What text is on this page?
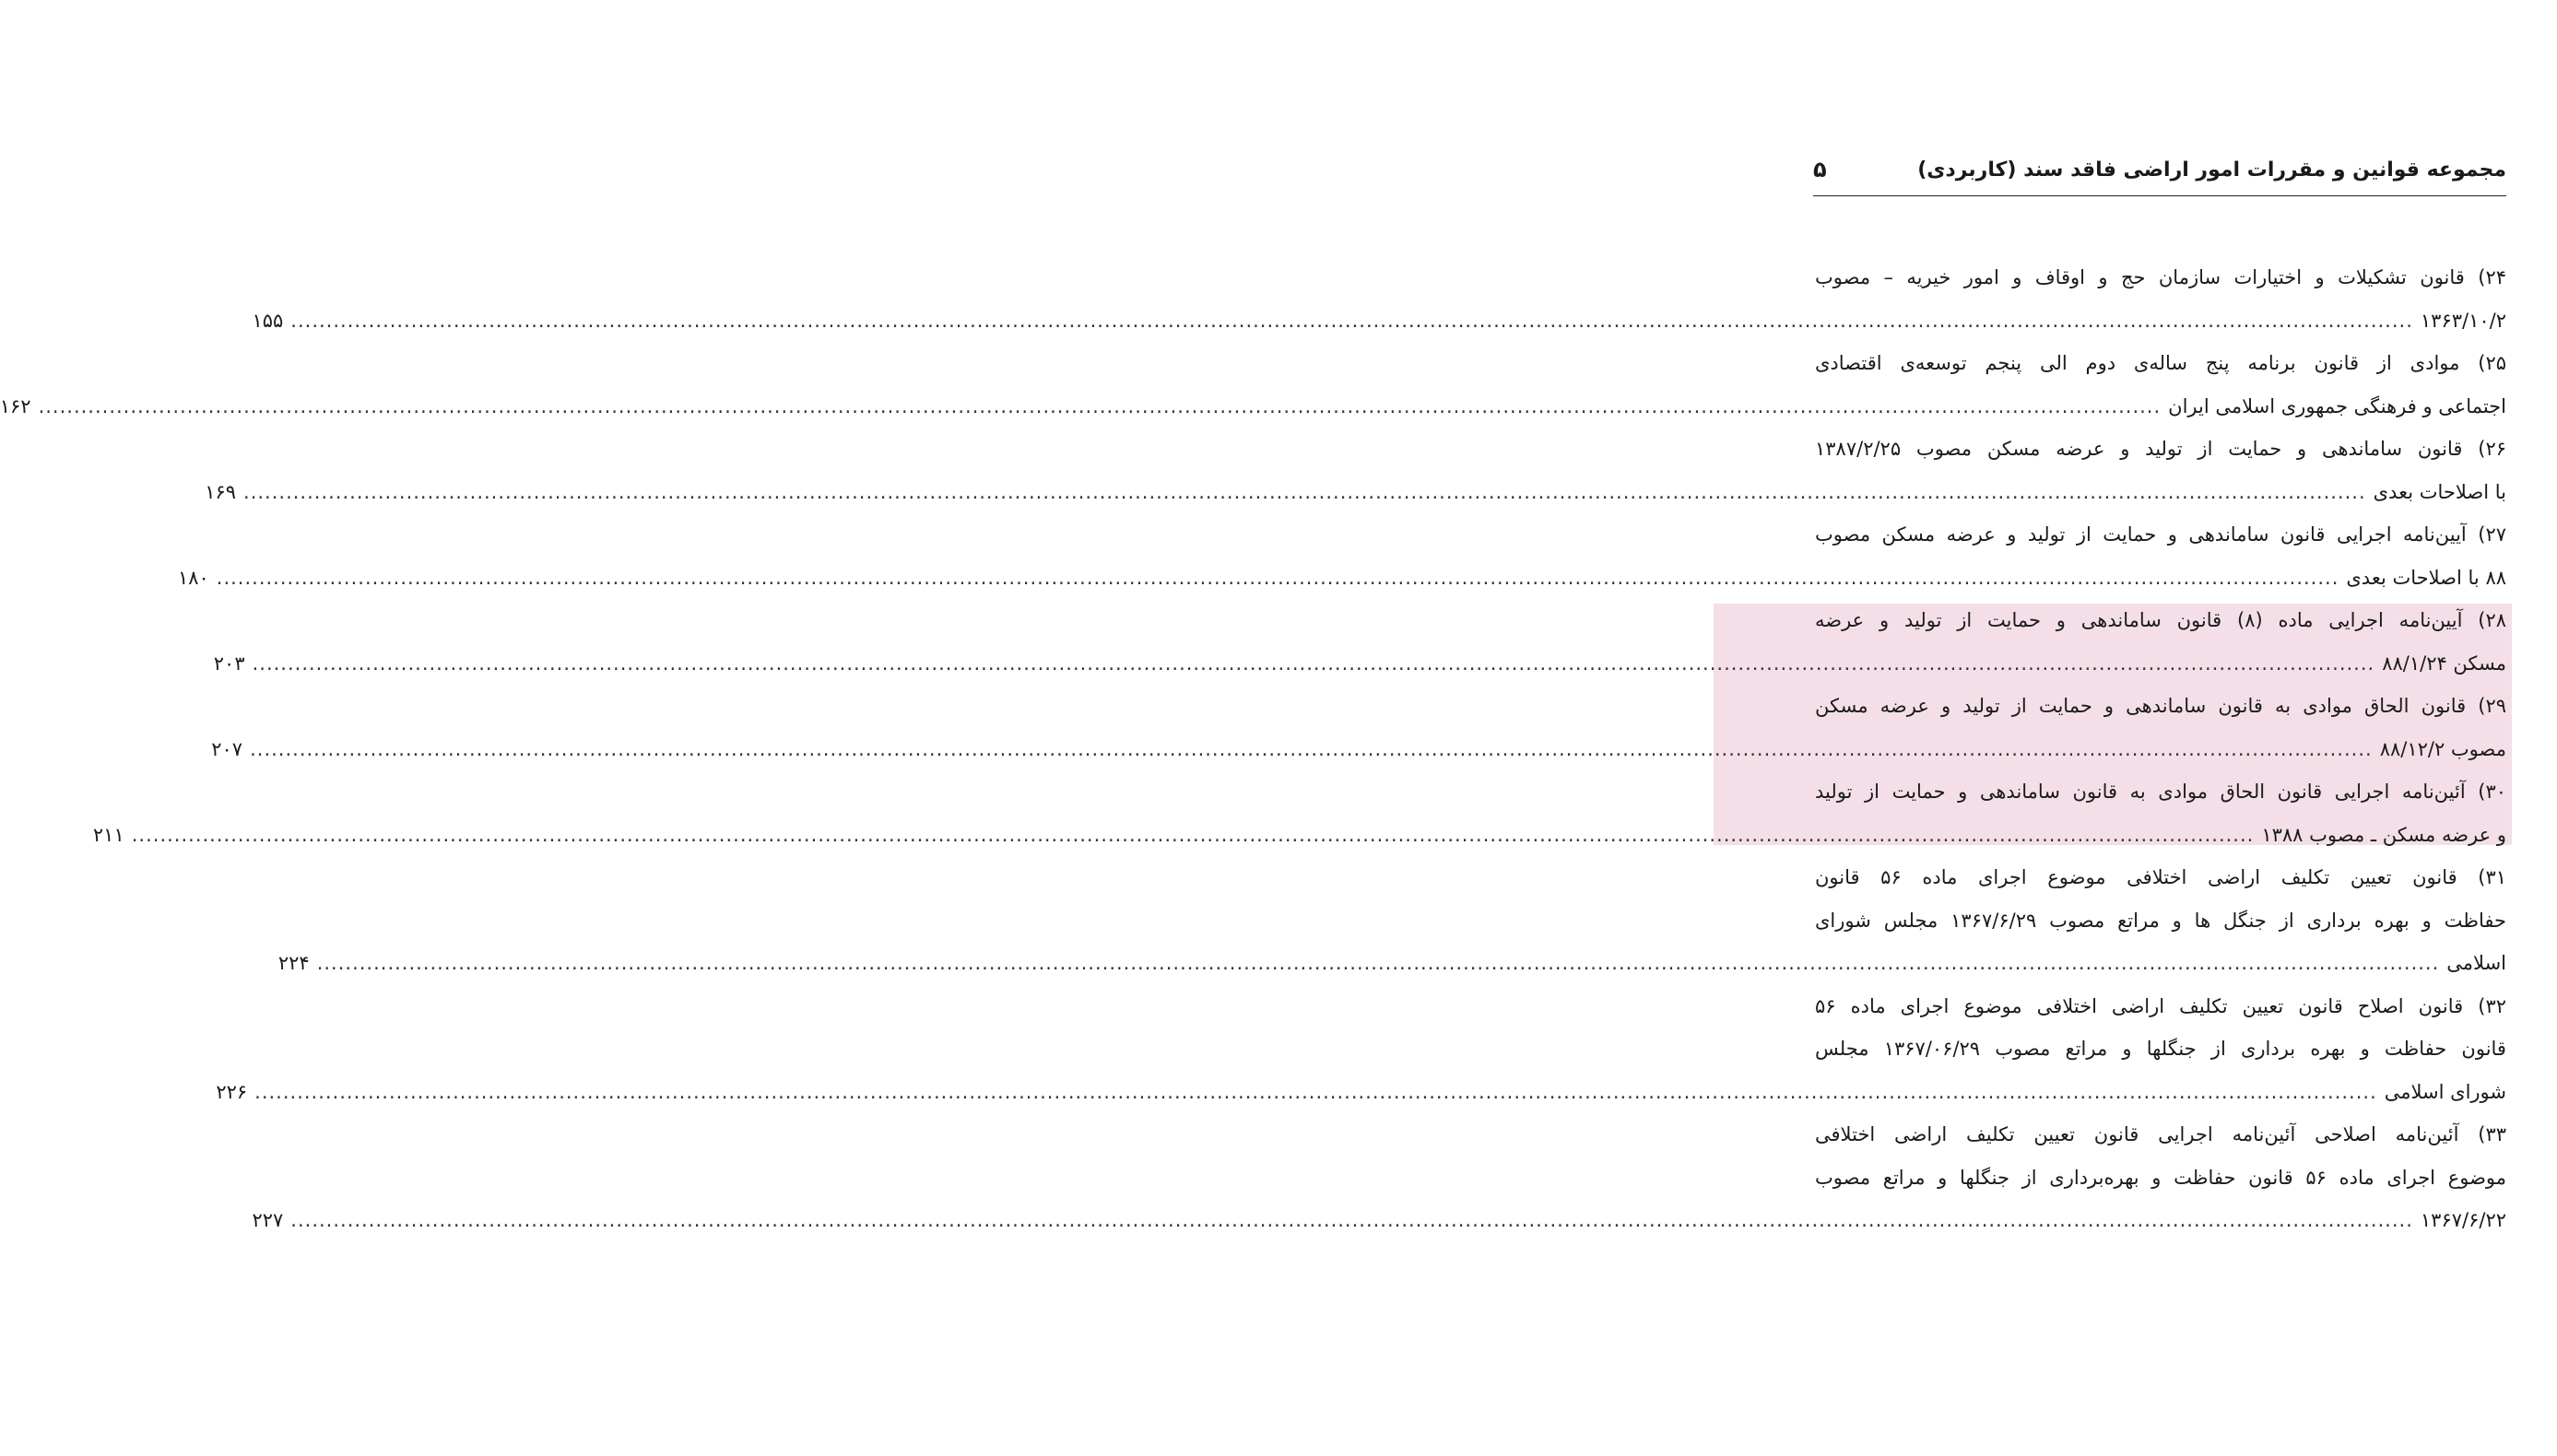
مجموعه قوانین و مقررات امور اراضی فاقد سند (کاربردی)
۵
۲۴) قانون تشکیلات و اختیارات سازمان حج و اوقاف و امور خیریه – مصوب
۱۳۶۳/۱۰/۲
............................................................................................................................................................................................................................................................................................................
۱۵۵
۲۵) موادی از قانون برنامه پنج ساله‌ی دوم الی پنجم توسعه‌ی اقتصادی
اجتماعی و فرهنگی جمهوری اسلامی ایران
............................................................................................................................................................................................................................................................................................................
۱۶۲
۲۶) قانون ساماندهی و حمایت از تولید و عرضه مسکن مصوب ۱۳۸۷/۲/۲۵
با اصلاحات بعدی
............................................................................................................................................................................................................................................................................................................
۱۶۹
۲۷) آیین‌نامه اجرایی قانون ساماندهی و حمایت از تولید و عرضه مسکن مصوب
۸۸ با اصلاحات بعدی
............................................................................................................................................................................................................................................................................................................
۱۸۰
۲۸) آیین‌نامه اجرایی ماده (۸) قانون ساماندهی و حمایت از تولید و عرضه
مسکن ۸۸/۱/۲۴
............................................................................................................................................................................................................................................................................................................
۲۰۳
۲۹) قانون الحاق موادی به قانون ساماندهی و حمایت از تولید و عرضه مسکن
مصوب ۸۸/۱۲/۲
............................................................................................................................................................................................................................................................................................................
۲۰۷
۳۰) آئین‌نامه اجرایی قانون الحاق موادی به قانون ساماندهی و حمایت از تولید
و عرضه مسکن ـ مصوب ۱۳۸۸
............................................................................................................................................................................................................................................................................................................
۲۱۱
۳۱) قانون تعیین تکلیف اراضی اختلافی موضوع اجرای ماده ۵۶ قانون
حفاظت و بهره برداری از جنگل ها و مراتع مصوب ۱۳۶۷/۶/۲۹ مجلس شورای
اسلامی
............................................................................................................................................................................................................................................................................................................
۲۲۴
۳۲) قانون اصلاح قانون تعیین تکلیف اراضی اختلافی موضوع اجرای ماده ۵۶
قانون حفاظت و بهره برداری از جنگلها و مراتع مصوب ۱۳۶۷/۰۶/۲۹ مجلس
شورای اسلامی
............................................................................................................................................................................................................................................................................................................
۲۲۶
۳۳) آئین‌نامه اصلاحی آئین‌نامه اجرایی قانون تعیین تکلیف اراضی اختلافی
موضوع اجرای ماده ۵۶ قانون حفاظت و بهره‌برداری از جنگلها و مراتع مصوب
۱۳۶۷/۶/۲۲
............................................................................................................................................................................................................................................................................................................
۲۲۷
